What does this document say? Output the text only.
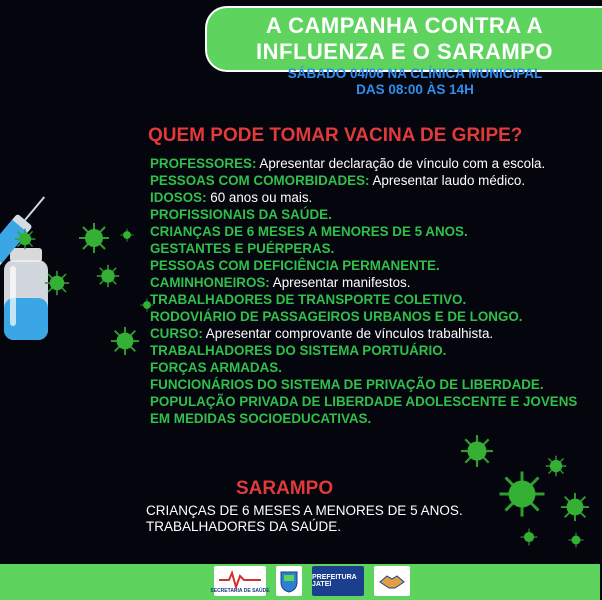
A CAMPANHA CONTRA A
INFLUENZA E O SARAMPO
SÁBADO 04/06 NA CLÍNICA MUNICIPAL
DAS 08:00 ÀS 14H
QUEM PODE TOMAR VACINA DE GRIPE?
PROFESSORES: Apresentar declaração de vínculo com a escola.
PESSOAS COM COMORBIDADES: Apresentar laudo médico.
IDOSOS: 60 anos ou mais.
PROFISSIONAIS DA SAÚDE.
CRIANÇAS DE 6 MESES A MENORES DE 5 ANOS.
GESTANTES E PUÉRPERAS.
PESSOAS COM DEFICIÊNCIA PERMANENTE.
CAMINHONEIROS: Apresentar manifestos.
TRABALHADORES DE TRANSPORTE COLETIVO.
RODOVIÁRIO DE PASSAGEIROS URBANOS E DE LONGO.
CURSO: Apresentar comprovante de vínculos trabalhista.
TRABALHADORES DO SISTEMA PORTUÁRIO.
FORÇAS ARMADAS.
FUNCIONÁRIOS DO SISTEMA DE PRIVAÇÃO DE LIBERDADE.
POPULAÇÃO PRIVADA DE LIBERDADE ADOLESCENTE E JOVENS EM MEDIDAS SOCIOEDUCATIVAS.
SARAMPO
CRIANÇAS DE 6 MESES A MENORES DE 5 ANOS.
TRABALHADORES DA SAÚDE.
SECRETARIA DE SAÚDE
PREFEITURA JATEÍ
